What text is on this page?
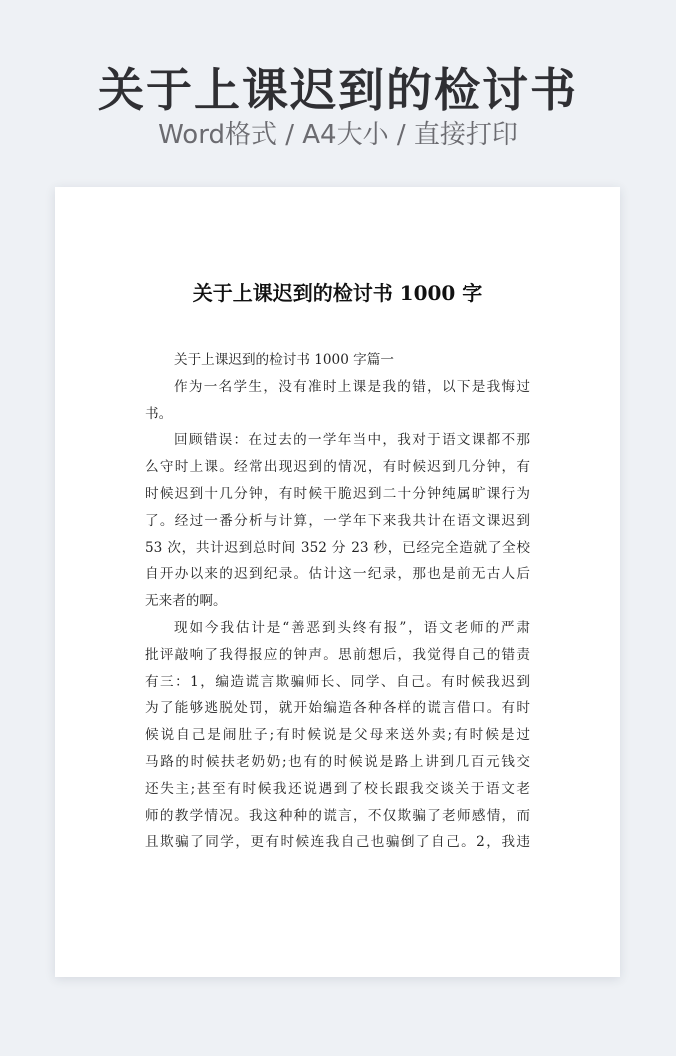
关于上课迟到的检讨书
Word格式 / A4大小 / 直接打印
关于上课迟到的检讨书 1000 字
关于上课迟到的检讨书 1000 字篇一
作为一名学生，没有准时上课是我的错，以下是我悔过
书。
回顾错误：在过去的一学年当中，我对于语文课都不那
么守时上课。经常出现迟到的情况，有时候迟到几分钟，有
时候迟到十几分钟，有时候干脆迟到二十分钟纯属旷课行为
了。经过一番分析与计算，一学年下来我共计在语文课迟到
53 次，共计迟到总时间 352 分 23 秒，已经完全造就了全校
自开办以来的迟到纪录。估计这一纪录，那也是前无古人后
无来者的啊。
现如今我估计是“善恶到头终有报”，语文老师的严肃
批评敲响了我得报应的钟声。思前想后，我觉得自己的错责
有三：1，编造谎言欺骗师长、同学、自己。有时候我迟到
为了能够逃脱处罚，就开始编造各种各样的谎言借口。有时
候说自己是闹肚子;有时候说是父母来送外卖;有时候是过
马路的时候扶老奶奶;也有的时候说是路上讲到几百元钱交
还失主;甚至有时候我还说遇到了校长跟我交谈关于语文老
师的教学情况。我这种种的谎言，不仅欺骗了老师感情，而
且欺骗了同学，更有时候连我自己也骗倒了自己。2，我违
